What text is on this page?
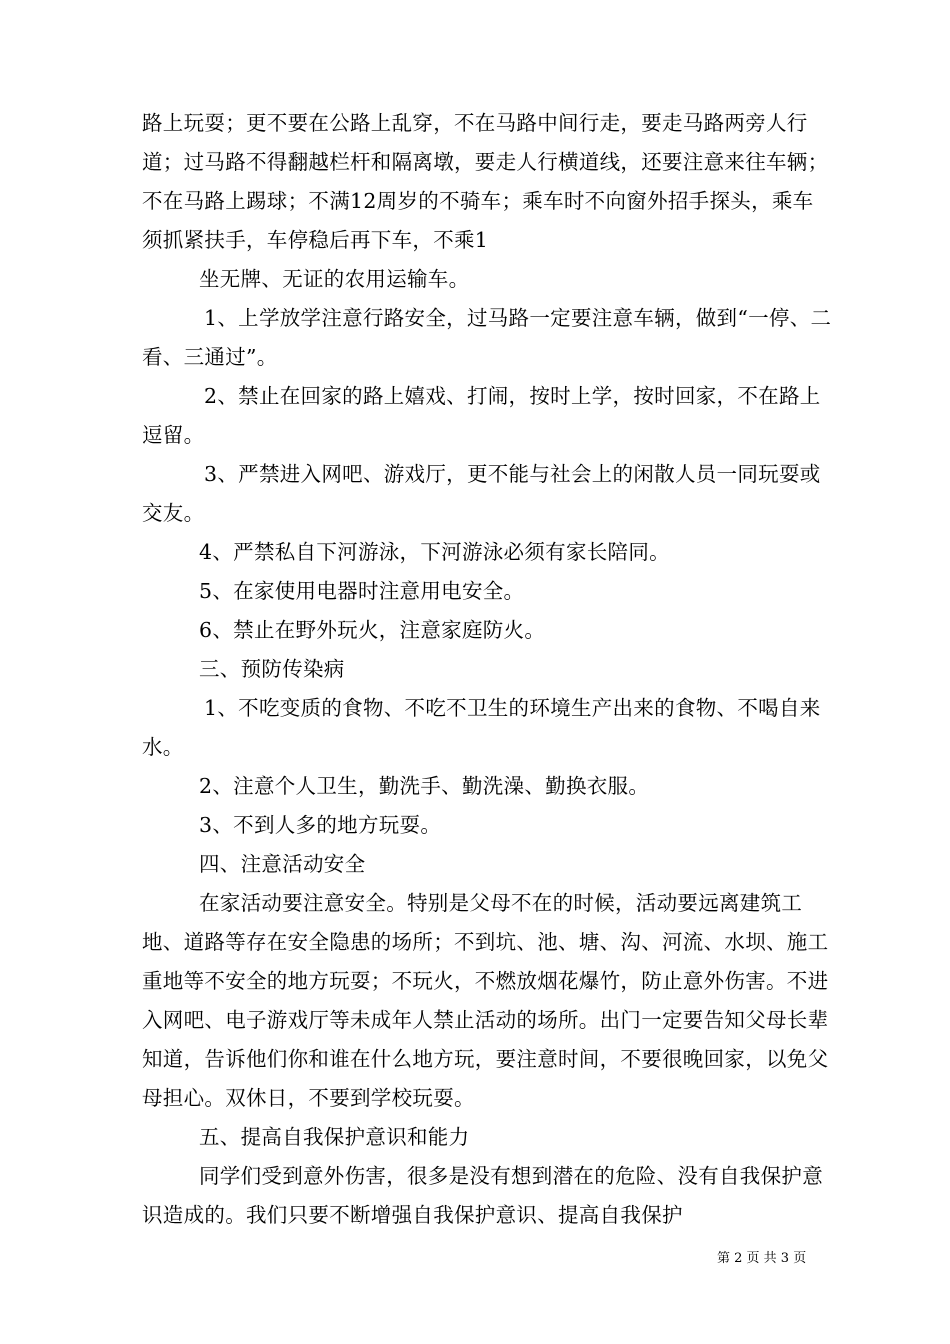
路上玩耍；更不要在公路上乱穿，不在马路中间行走，要走马路两旁人行道；过马路不得翻越栏杆和隔离墩，要走人行横道线，还要注意来往车辆；不在马路上踢球；不满12周岁的不骑车；乘车时不向窗外招手探头，乘车须抓紧扶手，车停稳后再下车，不乘1

坐无牌、无证的农用运输车。

1、上学放学注意行路安全，过马路一定要注意车辆，做到“一停、二看、三通过”。

2、禁止在回家的路上嬉戏、打闹，按时上学，按时回家，不在路上逗留。

3、严禁进入网吧、游戏厅，更不能与社会上的闲散人员一同玩耍或交友。

4、严禁私自下河游泳，下河游泳必须有家长陪同。

5、在家使用电器时注意用电安全。

6、禁止在野外玩火，注意家庭防火。

三、预防传染病

1、不吃变质的食物、不吃不卫生的环境生产出来的食物、不喝自来水。

2、注意个人卫生，勤洗手、勤洗澡、勤换衣服。

3、不到人多的地方玩耍。

四、注意活动安全

在家活动要注意安全。特别是父母不在的时候，活动要远离建筑工地、道路等存在安全隐患的场所；不到坑、池、塘、沟、河流、水坝、施工重地等不安全的地方玩耍；不玩火，不燃放烟花爆竹，防止意外伤害。不进入网吧、电子游戏厅等未成年人禁止活动的场所。出门一定要告知父母长辈知道，告诉他们你和谁在什么地方玩，要注意时间，不要很晚回家，以免父母担心。双休日，不要到学校玩耍。

五、提高自我保护意识和能力

同学们受到意外伤害，很多是没有想到潜在的危险、没有自我保护意识造成的。我们只要不断增强自我保护意识、提高自我保护

第 2 页 共 3 页
